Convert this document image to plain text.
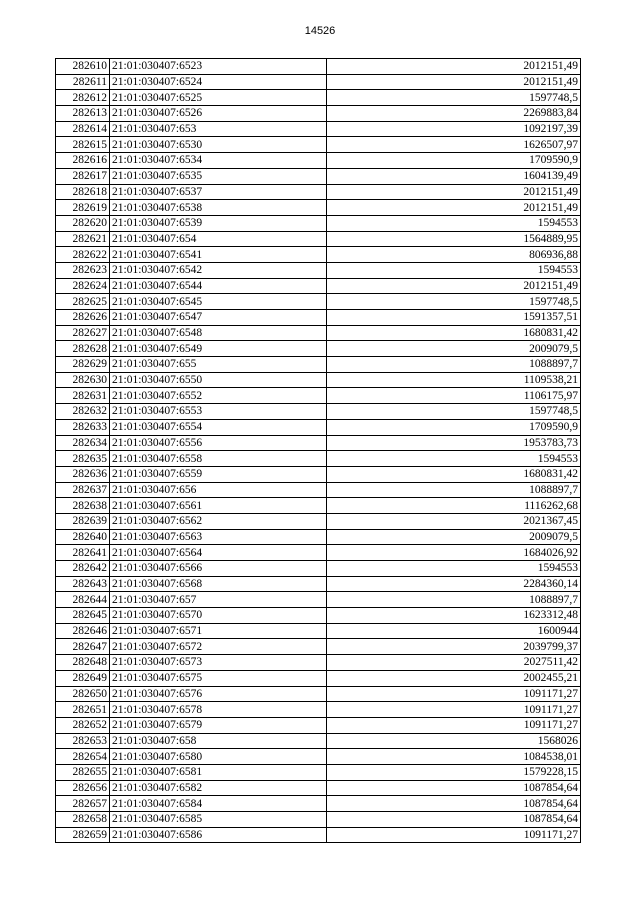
14526
282610	21:01:030407:6523	2012151,49
282611	21:01:030407:6524	2012151,49
282612	21:01:030407:6525	1597748,5
282613	21:01:030407:6526	2269883,84
282614	21:01:030407:653	1092197,39
282615	21:01:030407:6530	1626507,97
282616	21:01:030407:6534	1709590,9
282617	21:01:030407:6535	1604139,49
282618	21:01:030407:6537	2012151,49
282619	21:01:030407:6538	2012151,49
282620	21:01:030407:6539	1594553
282621	21:01:030407:654	1564889,95
282622	21:01:030407:6541	806936,88
282623	21:01:030407:6542	1594553
282624	21:01:030407:6544	2012151,49
282625	21:01:030407:6545	1597748,5
282626	21:01:030407:6547	1591357,51
282627	21:01:030407:6548	1680831,42
282628	21:01:030407:6549	2009079,5
282629	21:01:030407:655	1088897,7
282630	21:01:030407:6550	1109538,21
282631	21:01:030407:6552	1106175,97
282632	21:01:030407:6553	1597748,5
282633	21:01:030407:6554	1709590,9
282634	21:01:030407:6556	1953783,73
282635	21:01:030407:6558	1594553
282636	21:01:030407:6559	1680831,42
282637	21:01:030407:656	1088897,7
282638	21:01:030407:6561	1116262,68
282639	21:01:030407:6562	2021367,45
282640	21:01:030407:6563	2009079,5
282641	21:01:030407:6564	1684026,92
282642	21:01:030407:6566	1594553
282643	21:01:030407:6568	2284360,14
282644	21:01:030407:657	1088897,7
282645	21:01:030407:6570	1623312,48
282646	21:01:030407:6571	1600944
282647	21:01:030407:6572	2039799,37
282648	21:01:030407:6573	2027511,42
282649	21:01:030407:6575	2002455,21
282650	21:01:030407:6576	1091171,27
282651	21:01:030407:6578	1091171,27
282652	21:01:030407:6579	1091171,27
282653	21:01:030407:658	1568026
282654	21:01:030407:6580	1084538,01
282655	21:01:030407:6581	1579228,15
282656	21:01:030407:6582	1087854,64
282657	21:01:030407:6584	1087854,64
282658	21:01:030407:6585	1087854,64
282659	21:01:030407:6586	1091171,27
